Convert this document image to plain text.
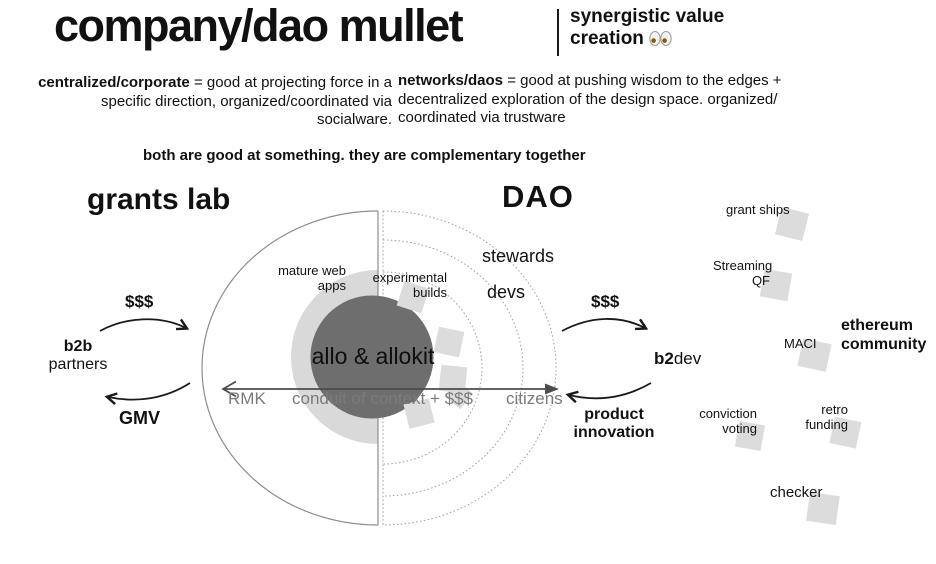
company/dao mullet	synergistic value creation
centralized/corporate = good at projecting force in a specific direction, organized/coordinated via socialware.
networks/daos = good at pushing wisdom to the edges + decentralized exploration of the design space. organized/ coordinated via trustware
both are good at something. they are complementary together
grants lab	DAO
mature web apps	experimental builds
stewards
devs
allo & allokit
RMK conduit of context + $$$ citizens
$$$
b2b
partners
GMV
$$$
b2dev
product innovation
ethereum community
grant ships
Streaming QF
MACI
conviction voting
retro funding
checker
